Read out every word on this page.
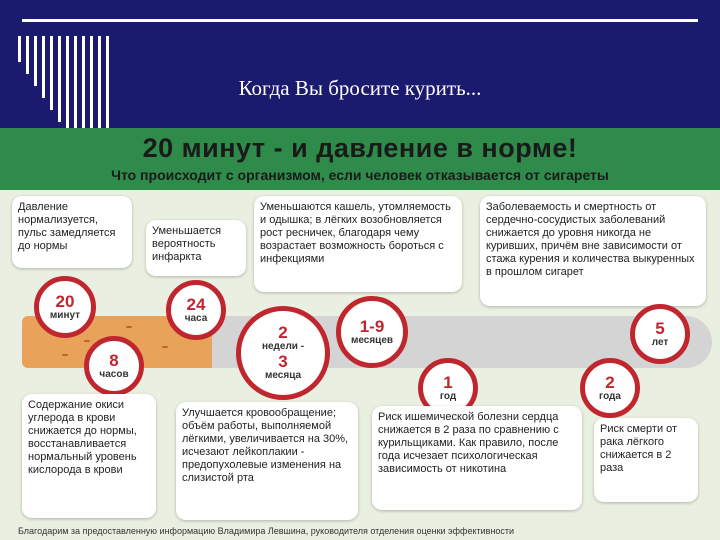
Когда Вы бросите курить...
20 минут - и давление в норме!
Что происходит с организмом, если человек отказывается от сигареты
Давление нормализуется, пульс замедляется до нормы
Уменьшается вероятность инфаркта
Уменьшаются кашель, утомляемость и одышка; в лёгких возобновляется рост ресничек, благодаря чему возрастает возможность бороться с инфекциями
Заболеваемость и смертность от сердечно-сосудистых заболеваний снижается до уровня никогда не куривших, причём вне зависимости от стажа курения и количества выкуренных в прошлом сигарет
20
минут
24
часа
8
часов
2
недели -
3
месяца
1-9
месяцев
1
год
2
года
5
лет
Содержание окиси углерода в крови снижается до нормы, восстанавливается нормальный уровень кислорода в крови
Улучшается кровообращение; объём работы, выполняемой лёгкими, увеличивается на 30%, исчезают лейкоплакии - предопухолевые изменения на слизистой рта
Риск ишемической болезни сердца снижается в 2 раза по сравнению с курильщиками. Как правило, после года исчезает психологическая зависимость от никотина
Риск смерти от рака лёгкого снижается в 2 раза
Благодарим за предоставленную информацию Владимира Левшина, руководителя отделения оценки эффективности
